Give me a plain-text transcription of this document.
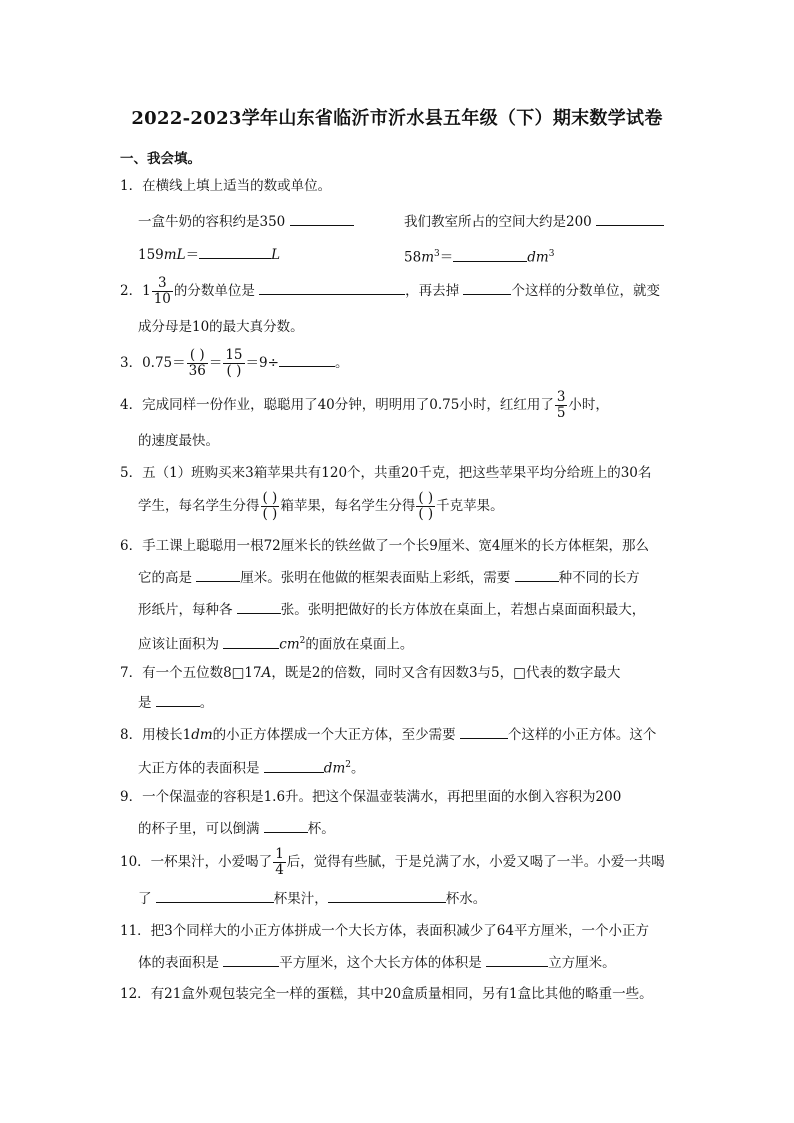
2022-2023学年山东省临沂市沂水县五年级（下）期末数学试卷
一、我会填。
1．在横线上填上适当的数或单位。
一盒牛奶的容积约是350	我们教室所占的空间大约是200
159mL＝	L	$58m^3=$	$dm^3$
2．$1 \frac{3}{10}$ 的分数单位是	，再去掉	个这样的分数单位，就变
成分母是10的最大真分数。
3．$0.75= \frac{( )}{36} = \frac{15}{( )} =9\div$	。
4．完成同样一份作业，聪聪用了40分钟，明明用了0.75小时，红红用了 $\frac{3}{5}$ 小时，
的速度最快。
5．五（1）班购买来3箱苹果共有120个，共重20千克，把这些苹果平均分给班上的30名
学生，每名学生分得 $\frac{( )}{( )}$ 箱苹果，每名学生分得 $\frac{( )}{( )}$ 千克苹果。
6．手工课上聪聪用一根72厘米长的铁丝做了一个长9厘米、宽4厘米的长方体框架，那么
它的高是	厘米。张明在他做的框架表面贴上彩纸，需要	种不同的长方
形纸片，每种各	张。张明把做好的长方体放在桌面上，若想占桌面面积最大，
应该让面积为	$cm^2$的面放在桌面上。
7．有一个五位数8□17A，既是2的倍数，同时又含有因数3与5，□代表的数字最大
是	。
8．用棱长1dm的小正方体摆成一个大正方体，至少需要	个这样的小正方体。这个
大正方体的表面积是	$dm^2$。
9．一个保温壶的容积是1.6升。把这个保温壶装满水，再把里面的水倒入容积为200
的杯子里，可以倒满	杯。
10．一杯果汁，小爱喝了 $\frac{1}{4}$ 后，觉得有些腻，于是兑满了水，小爱又喝了一半。小爱一共喝
了	杯果汁，	杯水。
11．把3个同样大的小正方体拼成一个大长方体，表面积减少了64平方厘米，一个小正方
体的表面积是	平方厘米，这个大长方体的体积是	立方厘米。
12．有21盒外观包装完全一样的蛋糕，其中20盒质量相同，另有1盒比其他的略重一些。
